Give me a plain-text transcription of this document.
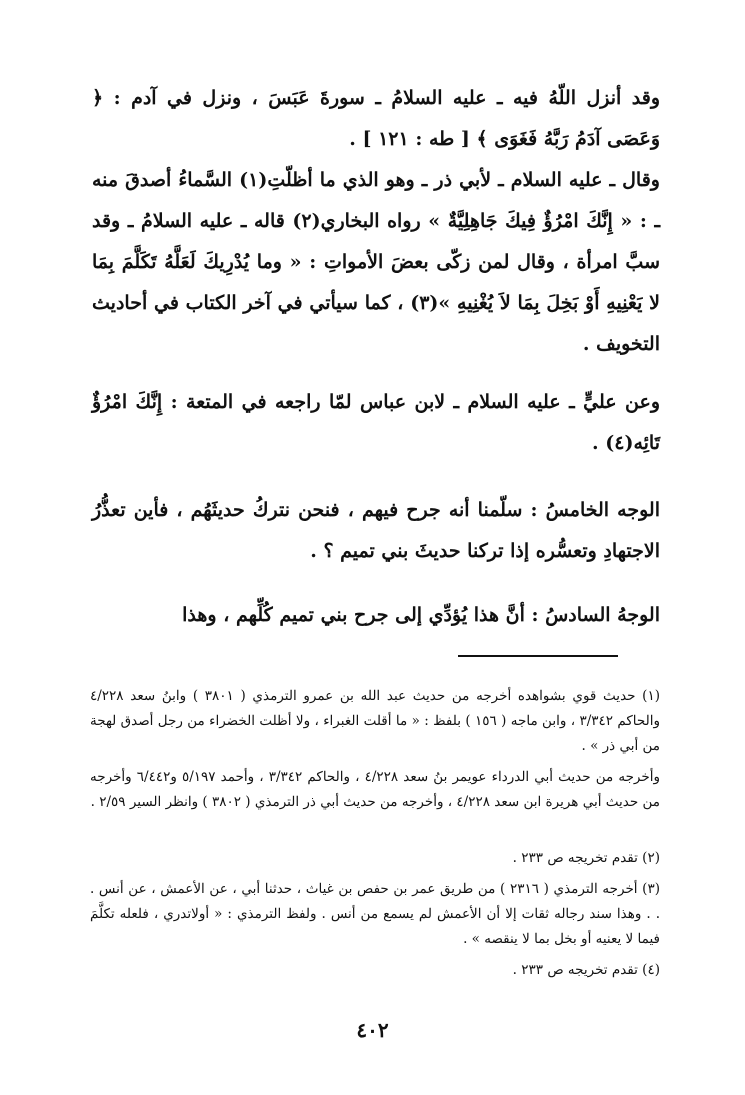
وقد أنزل اللّهُ فيه ـ عليه السلامُ ـ سورةَ عَبَسَ ، ونزل في آدم : ﴿ وَعَصَى آدَمُ رَبَّهُ فَغَوَى ﴾ [ طه : ١٢١ ] .

وقال ـ عليه السلام ـ لأبي ذر ـ وهو الذي ما أظلّتِ(١) السَّماءُ أصدقَ منه ـ : « إِنَّكَ امْرُؤٌ فِيكَ جَاهِلِيَّةٌ » رواه البخاري(٢) قاله ـ عليه السلامُ ـ وقد سبَّ امرأة ، وقال لمن زكّى بعضَ الأمواتِ : « وما يُدْرِيكَ لَعَلَّهُ تَكَلَّمَ بِمَا لا يَعْنِيهِ أَوْ بَخِلَ بِمَا لاَ يُغْنِيهِ »(٣) ، كما سيأتي في آخر الكتاب في أحاديث التخويف .

وعن عليٍّ ـ عليه السلام ـ لابن عباس لمّا راجعه في المتعة : إِنَّكَ امْرُؤٌ تَائِه(٤) .

الوجه الخامسُ : سلّمنا أنه جرح فيهم ، فنحن نتركُ حديثَهُم ، فأين تعذُّرُ الاجتهادِ وتعسُّره إذا تركنا حديثَ بني تميم ؟ .

الوجهُ السادسُ : أنَّ هذا يُؤدِّي إلى جرح بني تميم كُلِّهم ، وهذا

(١) حديث قوي بشواهده أخرجه من حديث عبد الله بن عمرو الترمذي ( ٣٨٠١ ) وابنُ سعد ٤/٢٢٨ والحاكم ٣/٣٤٢ ، وابن ماجه ( ١٥٦ ) بلفظ : « ما أقلت الغبراء ، ولا أظلت الخضراء من رجل أصدق لهجة من أبي ذر » .

وأخرجه من حديث أبي الدرداء عويمر بنُ سعد ٤/٢٢٨ ، والحاكم ٣/٣٤٢ ، وأحمد ٥/١٩٧ و٦/٤٤٢ وأخرجه من حديث أبي هريرة ابن سعد ٤/٢٢٨ ، وأخرجه من حديث أبي ذر الترمذي ( ٣٨٠٢ ) وانظر السير ٢/٥٩ .

(٢) تقدم تخريجه ص ٢٣٣ .

(٣) أخرجه الترمذي ( ٢٣١٦ ) من طريق عمر بن حفص بن غياث ، حدثنا أبي ، عن الأعمش ، عن أنس . . . وهذا سند رجاله ثقات إلا أن الأعمش لم يسمع من أنس . ولفظ الترمذي : « أولاتدري ، فلعله تكلَّمَ فيما لا يعنيه أو بخل بما لا ينقصه » .

(٤) تقدم تخريجه ص ٢٣٣ .

٤٠٢
